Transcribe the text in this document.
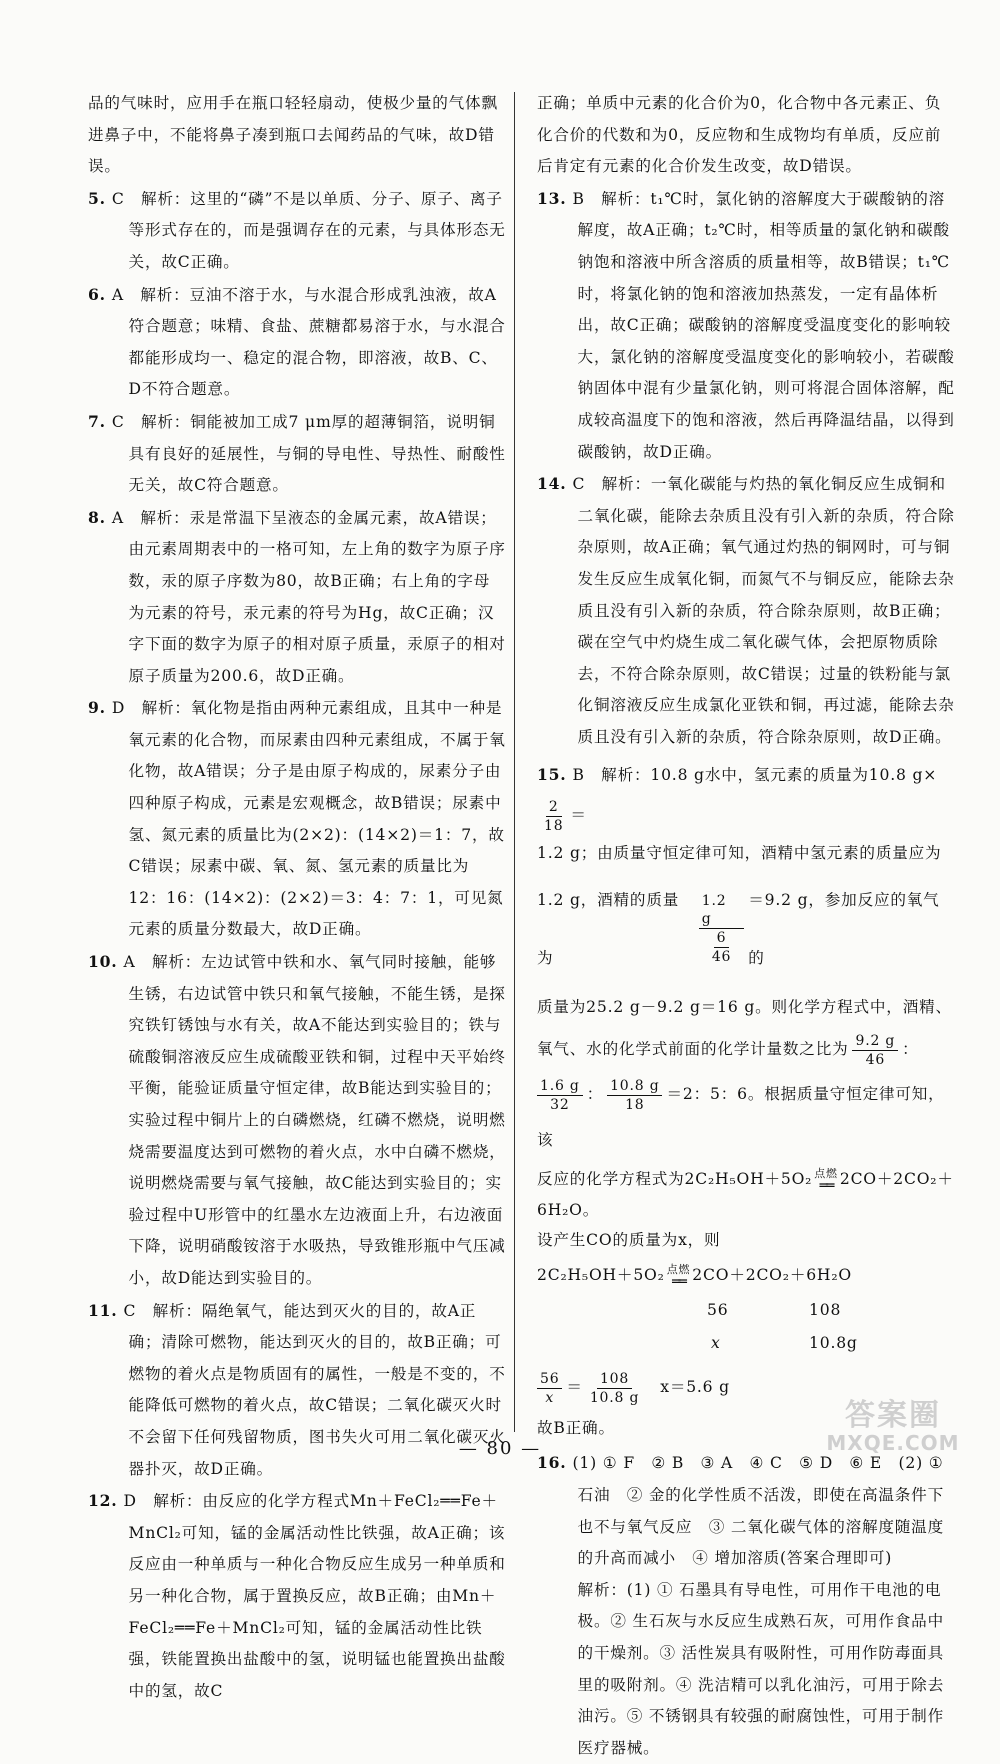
品的气味时，应用手在瓶口轻轻扇动，使极少量的气体飘进鼻子中，不能将鼻子凑到瓶口去闻药品的气味，故D错误。

5. C　解析：这里的“磷”不是以单质、分子、原子、离子等形式存在的，而是强调存在的元素，与具体形态无关，故C正确。

6. A　解析：豆油不溶于水，与水混合形成乳浊液，故A符合题意；味精、食盐、蔗糖都易溶于水，与水混合都能形成均一、稳定的混合物，即溶液，故B、C、D不符合题意。

7. C　解析：铜能被加工成7 μm厚的超薄铜箔，说明铜具有良好的延展性，与铜的导电性、导热性、耐酸性无关，故C符合题意。

8. A　解析：汞是常温下呈液态的金属元素，故A错误；由元素周期表中的一格可知，左上角的数字为原子序数，汞的原子序数为80，故B正确；右上角的字母为元素的符号，汞元素的符号为Hg，故C正确；汉字下面的数字为原子的相对原子质量，汞原子的相对原子质量为200.6，故D正确。

9. D　解析：氧化物是指由两种元素组成，且其中一种是氧元素的化合物，而尿素由四种元素组成，不属于氧化物，故A错误；分子是由原子构成的，尿素分子由四种原子构成，元素是宏观概念，故B错误；尿素中氢、氮元素的质量比为(2×2)：(14×2)＝1：7，故C错误；尿素中碳、氧、氮、氢元素的质量比为12：16：(14×2)：(2×2)＝3：4：7：1，可见氮元素的质量分数最大，故D正确。

10. A　解析：左边试管中铁和水、氧气同时接触，能够生锈，右边试管中铁只和氧气接触，不能生锈，是探究铁钉锈蚀与水有关，故A不能达到实验目的；铁与硫酸铜溶液反应生成硫酸亚铁和铜，过程中天平始终平衡，能验证质量守恒定律，故B能达到实验目的；实验过程中铜片上的白磷燃烧，红磷不燃烧，说明燃烧需要温度达到可燃物的着火点，水中白磷不燃烧，说明燃烧需要与氧气接触，故C能达到实验目的；实验过程中U形管中的红墨水左边液面上升，右边液面下降，说明硝酸铵溶于水吸热，导致锥形瓶中气压减小，故D能达到实验目的。

11. C　解析：隔绝氧气，能达到灭火的目的，故A正确；清除可燃物，能达到灭火的目的，故B正确；可燃物的着火点是物质固有的属性，一般是不变的，不能降低可燃物的着火点，故C错误；二氧化碳灭火时不会留下任何残留物质，图书失火可用二氧化碳灭火器扑灭，故D正确。

12. D　解析：由反应的化学方程式Mn＋FeCl₂══Fe＋MnCl₂可知，锰的金属活动性比铁强，故A正确；该反应由一种单质与一种化合物反应生成另一种单质和另一种化合物，属于置换反应，故B正确；由Mn＋FeCl₂══Fe＋MnCl₂可知，锰的金属活动性比铁强，铁能置换出盐酸中的氢，说明锰也能置换出盐酸中的氢，故C

正确；单质中元素的化合价为0，化合物中各元素正、负化合价的代数和为0，反应物和生成物均有单质，反应前后肯定有元素的化合价发生改变，故D错误。

13. B　解析：t₁℃时，氯化钠的溶解度大于碳酸钠的溶解度，故A正确；t₂℃时，相等质量的氯化钠和碳酸钠饱和溶液中所含溶质的质量相等，故B错误；t₁℃时，将氯化钠的饱和溶液加热蒸发，一定有晶体析出，故C正确；碳酸钠的溶解度受温度变化的影响较大，氯化钠的溶解度受温度变化的影响较小，若碳酸钠固体中混有少量氯化钠，则可将混合固体溶解，配成较高温度下的饱和溶液，然后再降温结晶，以得到碳酸钠，故D正确。

14. C　解析：一氧化碳能与灼热的氧化铜反应生成铜和二氧化碳，能除去杂质且没有引入新的杂质，符合除杂原则，故A正确；氧气通过灼热的铜网时，可与铜发生反应生成氧化铜，而氮气不与铜反应，能除去杂质且没有引入新的杂质，符合除杂原则，故B正确；碳在空气中灼烧生成二氧化碳气体，会把原物质除去，不符合除杂原则，故C错误；过量的铁粉能与氯化铜溶液反应生成氯化亚铁和铜，再过滤，能除去杂质且没有引入新的杂质，符合除杂原则，故D正确。

15. B　解析：10.8 g水中，氢元素的质量为10.8 g×
$\frac{2}{18}$ ＝
1.2 g；由质量守恒定律可知，酒精中氢元素的质量应为
1.2 g，酒精的质量为	$\frac{1.2 g}{\frac{6}{46}} =9.2$ g，参加反应的氧气的
质量为25.2 g－9.2 g＝16 g。则化学方程式中，酒精、
氧气、水的化学式前面的化学计量数之比为 $\frac{9.2 g}{46}$ ：
$\frac{1.6 g}{32}$ ： $\frac{10.8 g}{18} =2$：5：6。根据质量守恒定律可知，该
反应的化学方程式为2C₂H₅OH＋5O₂ 点燃
══ 2CO＋2CO₂＋
6H₂O。
设产生CO的质量为x，则
2C₂H₅OH＋5O₂ 点燃
══ 2CO＋2CO₂＋6H₂O
56	108
x	10.8g
$\frac{56}{x} = \frac{108}{10.8 g} x=5.6$ g
故B正确。

16. (1) ① F　② B　③ A　④ C　⑤ D　⑥ E　(2) ① 石油　② 金的化学性质不活泼，即使在高温条件下也不与氧气反应　③ 二氧化碳气体的溶解度随温度的升高而减小　④ 增加溶质(答案合理即可)

解析：(1) ① 石墨具有导电性，可用作干电池的电极。② 生石灰与水反应生成熟石灰，可用作食品中的干燥剂。③ 活性炭具有吸附性，可用作防毒面具里的吸附剂。④ 洗洁精可以乳化油污，可用于除去油污。⑤ 不锈钢具有较强的耐腐蚀性，可用于制作医疗器械。

— 80 —
答案圈
MXQE.COM
